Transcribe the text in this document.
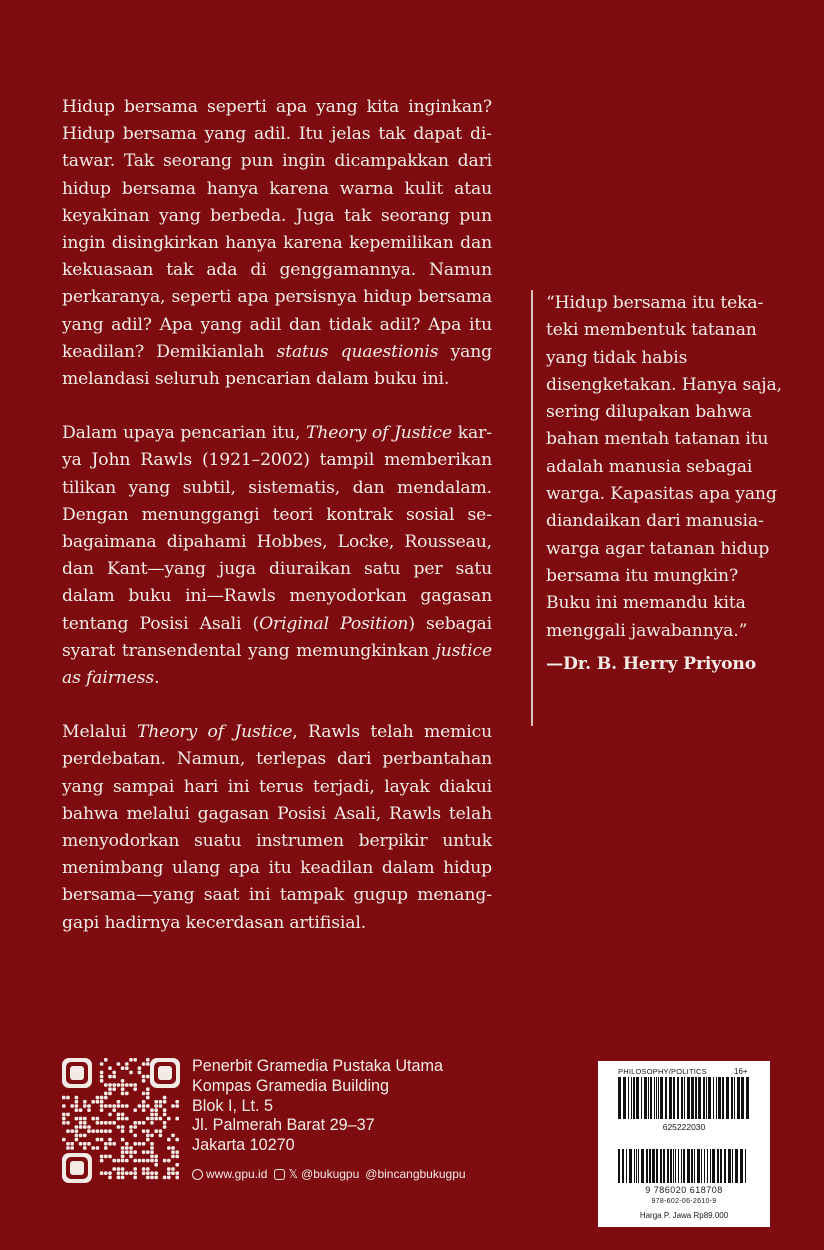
Hidup bersama seperti apa yang kita inginkan? Hidup bersama yang adil. Itu jelas tak dapat ditawar. Tak seorang pun ingin dicampakkan dari hidup bersama hanya karena warna kulit atau keyakinan yang berbeda. Juga tak seorang pun ingin disingkirkan hanya karena kepemilikan dan kekuasaan tak ada di genggamannya. Namun perkaranya, seperti apa persisnya hidup bersama yang adil? Apa yang adil dan tidak adil? Apa itu keadilan? Demikianlah status quaestionis yang melandasi seluruh pencarian dalam buku ini.

Dalam upaya pencarian itu, Theory of Justice karya John Rawls (1921–2002) tampil memberikan tilikan yang subtil, sistematis, dan mendalam. Dengan menunggangi teori kontrak sosial sebagaimana dipahami Hobbes, Locke, Rousseau, dan Kant—yang juga diuraikan satu per satu dalam buku ini—Rawls menyodorkan gagasan tentang Posisi Asali (Original Position) sebagai syarat transendental yang memungkinkan justice as fairness.

Melalui Theory of Justice, Rawls telah memicu perdebatan. Namun, terlepas dari perbantahan yang sampai hari ini terus terjadi, layak diakui bahwa melalui gagasan Posisi Asali, Rawls telah menyodorkan suatu instrumen berpikir untuk menimbang ulang apa itu keadilan dalam hidup bersama—yang saat ini tampak gugup menanggapi hadirnya kecerdasan artifisial.

“Hidup bersama itu teka-teki membentuk tatanan yang tidak habis disengketakan. Hanya saja, sering dilupakan bahwa bahan mentah tatanan itu adalah manusia sebagai warga. Kapasitas apa yang diandaikan dari manusia-warga agar tatanan hidup bersama itu mungkin? Buku ini memandu kita menggali jawabannya.”
—Dr. B. Herry Priyono
Penerbit Gramedia Pustaka Utama
Kompas Gramedia Building
Blok I, Lt. 5
Jl. Palmerah Barat 29–37
Jakarta 10270
www.gpu.id 𝕏 @bukugpu @bincangbukugpu
PHILOSOPHY/POLITICS	16+
625222030
9 786020 618708
978-602-06-2610-9
Harga P. Jawa Rp89.000
